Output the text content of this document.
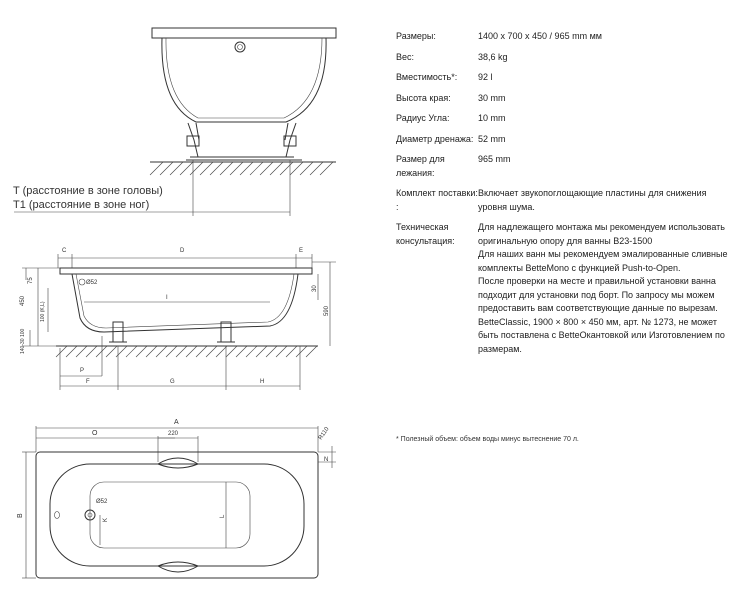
T (расстояние в зоне головы)
T1 (расстояние в зоне ног)
C	D	E
Ø52
I
75
450
100 (K,L)
140-30 100
30
590
P
F	G	H
A
O	220	R110
N
B
Ø52
K
L
Размеры:	1400 x 700 x 450 / 965 mm мм
Вес:	38,6 kg
Вместимость*:	92 l
Высота края:	30 mm
Радиус Угла:	10 mm
Диаметр дренажа: 52 mm
Размер для лежания:
965 mm
Комплект поставки: :
Включает звукопоглощающие пластины для снижения уровня шума.
Техническая консультация:
Для надлежащего монтажа мы рекомендуем использовать оригинальную опору для ванны B23-1500
Для наших ванн мы рекомендуем эмалированные сливные комплекты BetteMono с функцией Push-to-Open.
После проверки на месте и правильной установки ванна подходит для установки под борт. По запросу мы можем предоставить вам соответствующие данные по вырезам.
BetteClassic, 1900 × 800 × 450 мм, арт. № 1273, не может быть поставлена с BetteОкантовкой или Изготовлением по размерам.
* Полезный объем: объем воды минус вытеснение 70 л.
